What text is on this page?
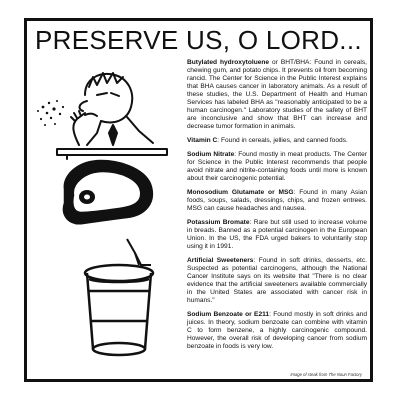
PRESERVE US, O LORD...

Butylated hydroxytoluene or BHT/BHA: Found in cereals, chewing gum, and potato chips. It prevents oil from becoming rancid. The Center for Science in the Public Interest explains that BHA causes cancer in laboratory animals. As a result of these studies, the U.S. Department of Health and Human Services has labeled BHA as "reasonably anticipated to be a human carcinogen." Laboratory studies of the safety of BHT are inconclusive and show that BHT can increase and decrease tumor formation in animals.

Vitamin C: Found in cereals, jellies, and canned foods.

Sodium Nitrate: Found mostly in meat products. The Center for Science in the Public Interest recommends that people avoid nitrate and nitrite-containing foods until more is known about their carcinogenic potential.

Monosodium Glutamate or MSG: Found in many Asian foods, soups, salads, dressings, chips, and frozen entrees. MSG can cause headaches and nausea.

Potassium Bromate: Rare but still used to increase volume in breads. Banned as a potential carcinogen in the European Union. In the US, the FDA urged bakers to voluntarily stop using it in 1991.

Artificial Sweeteners: Found in soft drinks, desserts, etc. Suspected as potential carcinogens, although the National Cancer Institute says on its website that "There is no clear evidence that the artificial sweeteners available commercially in the United States are associated with cancer risk in humans."

Sodium Benzoate or E211: Found mostly in soft drinks and juices. In theory, sodium benzoate can combine with vitamin C to form benzene, a highly carcinogenic compound. However, the overall risk of developing cancer from sodium benzoate in foods is very low.

Image of steak from The Noun Factory
